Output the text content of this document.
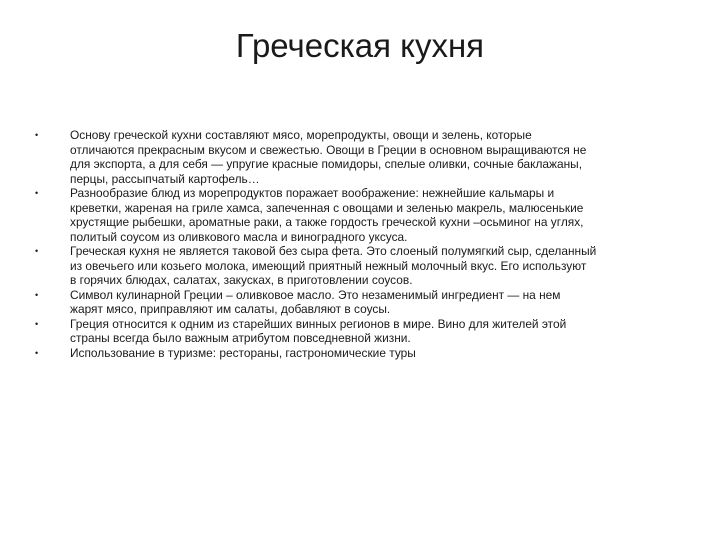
Греческая кухня
•	Основу греческой кухни составляют мясо, морепродукты, овощи и зелень, которые
отличаются прекрасным вкусом и свежестью. Овощи в Греции в основном выращиваются не
для экспорта, а для себя — упругие красные помидоры, спелые оливки, сочные баклажаны,
перцы, рассыпчатый картофель…
•	Разнообразие блюд из морепродуктов поражает воображение: нежнейшие кальмары и
креветки, жареная на гриле хамса, запеченная с овощами и зеленью макрель, малюсенькие
хрустящие рыбешки, ароматные раки, а также гордость греческой кухни –осьминог на углях,
политый соусом из оливкового масла и виноградного уксуса.
•	Греческая кухня не является таковой без сыра фета. Это слоеный полумягкий сыр, сделанный
из овечьего или козьего молока, имеющий приятный нежный молочный вкус. Его используют
в горячих блюдах, салатах, закусках, в приготовлении соусов.
•	Символ кулинарной Греции – оливковое масло. Это незаменимый ингредиент — на нем
жарят мясо, приправляют им салаты, добавляют в соусы.
•	Греция относится к одним из старейших винных регионов в мире. Вино для жителей этой
страны всегда было важным атрибутом повседневной жизни.
•	Использование в туризме: рестораны, гастрономические туры
